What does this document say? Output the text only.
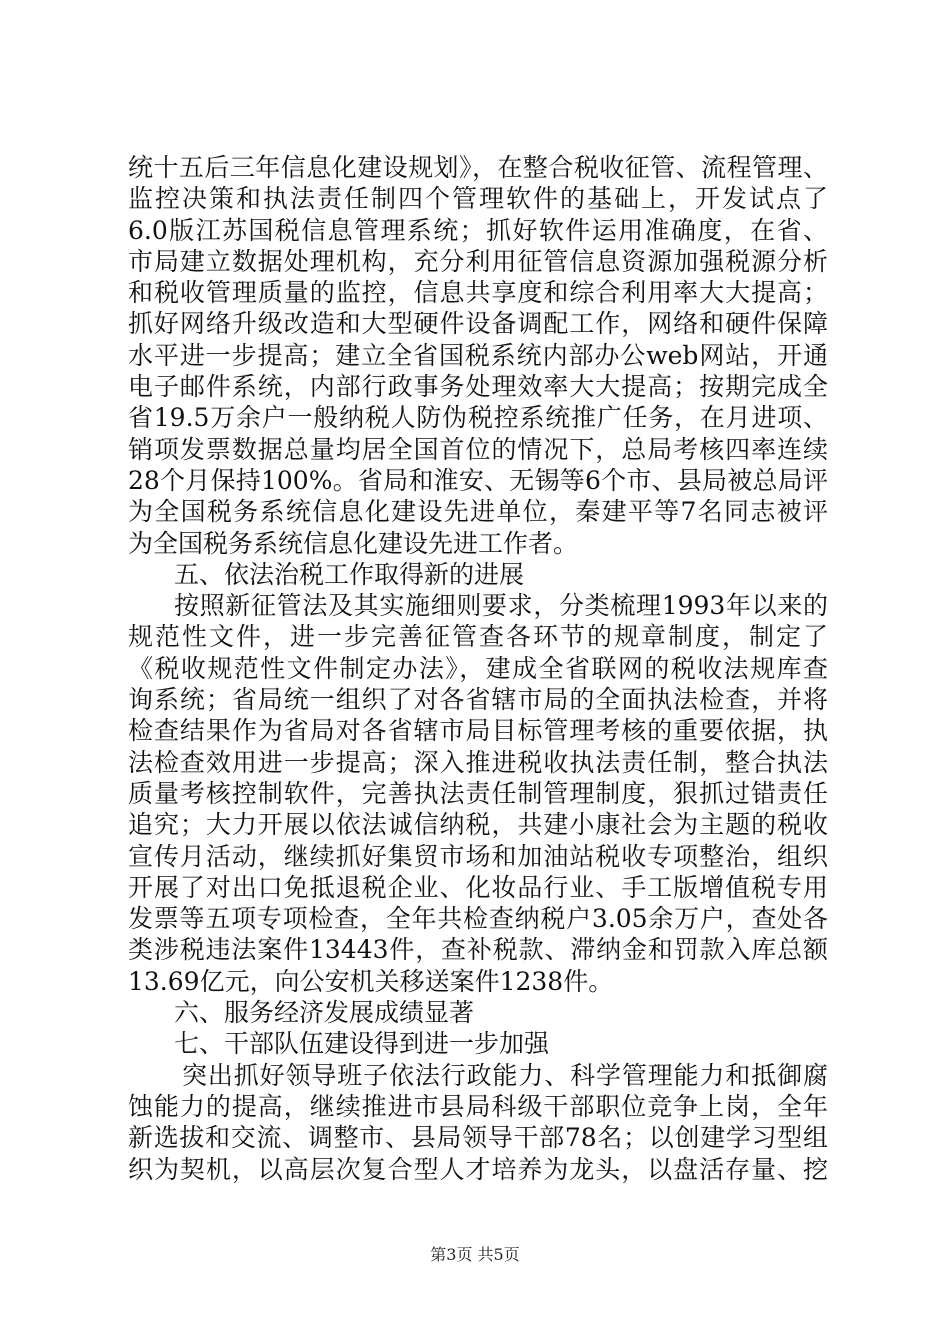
统十五后三年信息化建设规划》，在整合税收征管、流程管理、
监控决策和执法责任制四个管理软件的基础上，开发试点了
6.0版江苏国税信息管理系统；抓好软件运用准确度，在省、
市局建立数据处理机构，充分利用征管信息资源加强税源分析
和税收管理质量的监控，信息共享度和综合利用率大大提高；
抓好网络升级改造和大型硬件设备调配工作，网络和硬件保障
水平进一步提高；建立全省国税系统内部办公web网站，开通
电子邮件系统，内部行政事务处理效率大大提高；按期完成全
省19.5万余户一般纳税人防伪税控系统推广任务，在月进项、
销项发票数据总量均居全国首位的情况下，总局考核四率连续
28个月保持100%。省局和淮安、无锡等6个市、县局被总局评
为全国税务系统信息化建设先进单位，秦建平等7名同志被评
为全国税务系统信息化建设先进工作者。
五、依法治税工作取得新的进展
按照新征管法及其实施细则要求，分类梳理1993年以来的
规范性文件，进一步完善征管查各环节的规章制度，制定了
《税收规范性文件制定办法》，建成全省联网的税收法规库查
询系统；省局统一组织了对各省辖市局的全面执法检查，并将
检查结果作为省局对各省辖市局目标管理考核的重要依据，执
法检查效用进一步提高；深入推进税收执法责任制，整合执法
质量考核控制软件，完善执法责任制管理制度，狠抓过错责任
追究；大力开展以依法诚信纳税，共建小康社会为主题的税收
宣传月活动，继续抓好集贸市场和加油站税收专项整治，组织
开展了对出口免抵退税企业、化妆品行业、手工版增值税专用
发票等五项专项检查，全年共检查纳税户3.05余万户，查处各
类涉税违法案件13443件，查补税款、滞纳金和罚款入库总额
13.69亿元，向公安机关移送案件1238件。
六、服务经济发展成绩显著
七、干部队伍建设得到进一步加强
突出抓好领导班子依法行政能力、科学管理能力和抵御腐
蚀能力的提高，继续推进市县局科级干部职位竞争上岗，全年
新选拔和交流、调整市、县局领导干部78名；以创建学习型组
织为契机，以高层次复合型人才培养为龙头，以盘活存量、挖
第3页 共5页
